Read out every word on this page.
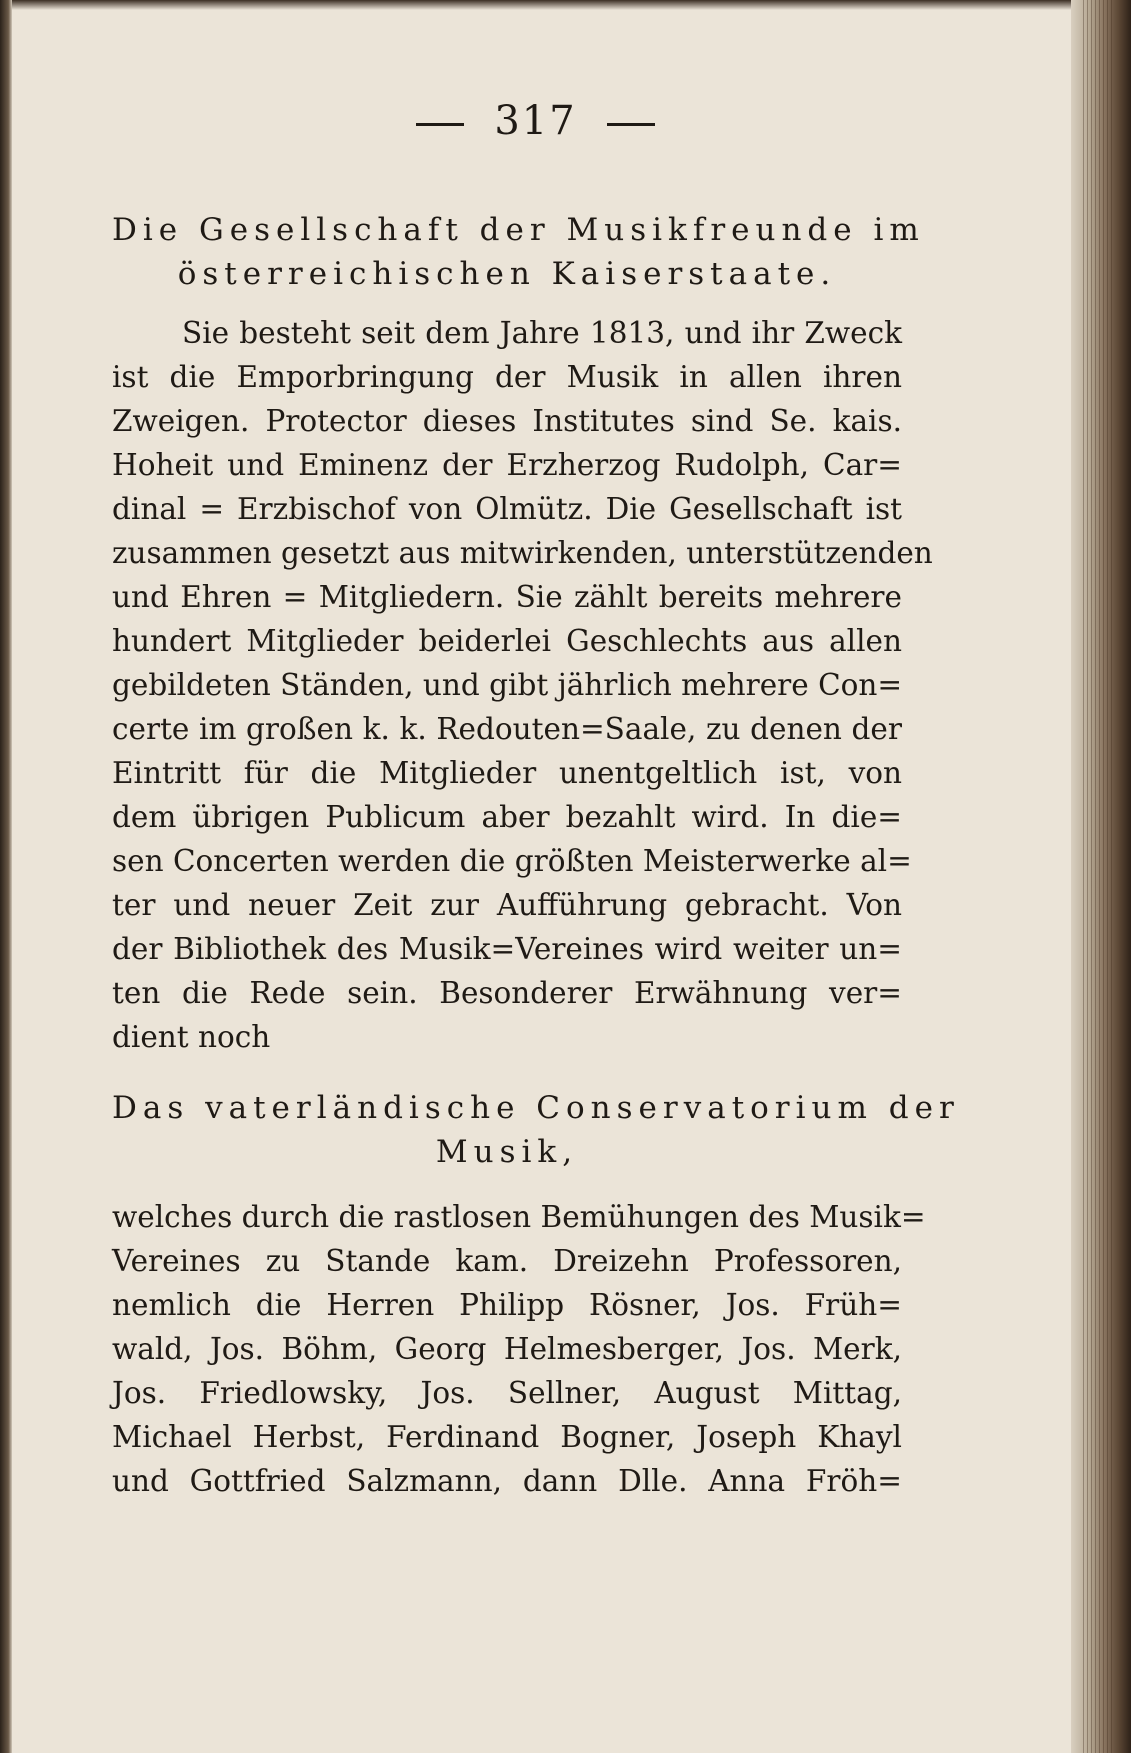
317
Die Gesellschaft der Musikfreunde im
österreichischen Kaiserstaate.
Sie besteht seit dem Jahre 1813, und ihr Zweck
ist die Emporbringung der Musik in allen ihren
Zweigen. Protector dieses Institutes sind Se. kais.
Hoheit und Eminenz der Erzherzog Rudolph, Car=
dinal = Erzbischof von Olmütz. Die Gesellschaft ist
zusammen gesetzt aus mitwirkenden, unterstützenden
und Ehren = Mitgliedern. Sie zählt bereits mehrere
hundert Mitglieder beiderlei Geschlechts aus allen
gebildeten Ständen, und gibt jährlich mehrere Con=
certe im großen k. k. Redouten=Saale, zu denen der
Eintritt für die Mitglieder unentgeltlich ist, von
dem übrigen Publicum aber bezahlt wird. In die=
sen Concerten werden die größten Meisterwerke al=
ter und neuer Zeit zur Aufführung gebracht. Von
der Bibliothek des Musik=Vereines wird weiter un=
ten die Rede sein. Besonderer Erwähnung ver=
dient noch
Das vaterländische Conservatorium der
Musik,
welches durch die rastlosen Bemühungen des Musik=
Vereines zu Stande kam. Dreizehn Professoren,
nemlich die Herren Philipp Rösner, Jos. Früh=
wald, Jos. Böhm, Georg Helmesberger, Jos. Merk,
Jos. Friedlowsky, Jos. Sellner, August Mittag,
Michael Herbst, Ferdinand Bogner, Joseph Khayl
und Gottfried Salzmann, dann Dlle. Anna Fröh=
